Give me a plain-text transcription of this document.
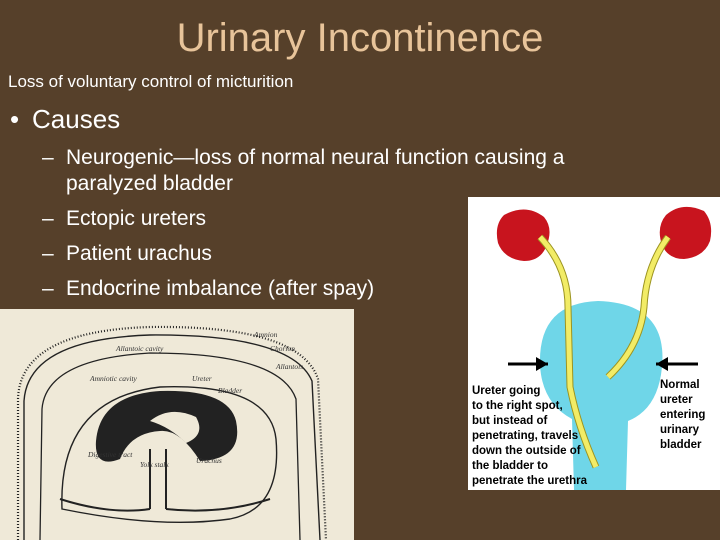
Urinary Incontinence

Loss of voluntary control of micturition

• Causes
– Neurogenic—loss of normal neural function causing a
paralyzed bladder
– Ectopic ureters
– Patient urachus
– Endocrine imbalance (after spay)
Amnion
Chorion
Allantois
Allantoic cavity
Amniotic cavity	Ureter
Bladder
Digestive tract
Yolk stalk	Urachus
Ureter going
to the right spot,
but instead of
penetrating, travels
down the outside of
the bladder to
penetrate the urethra
Normal
ureter
entering
urinary
bladder
